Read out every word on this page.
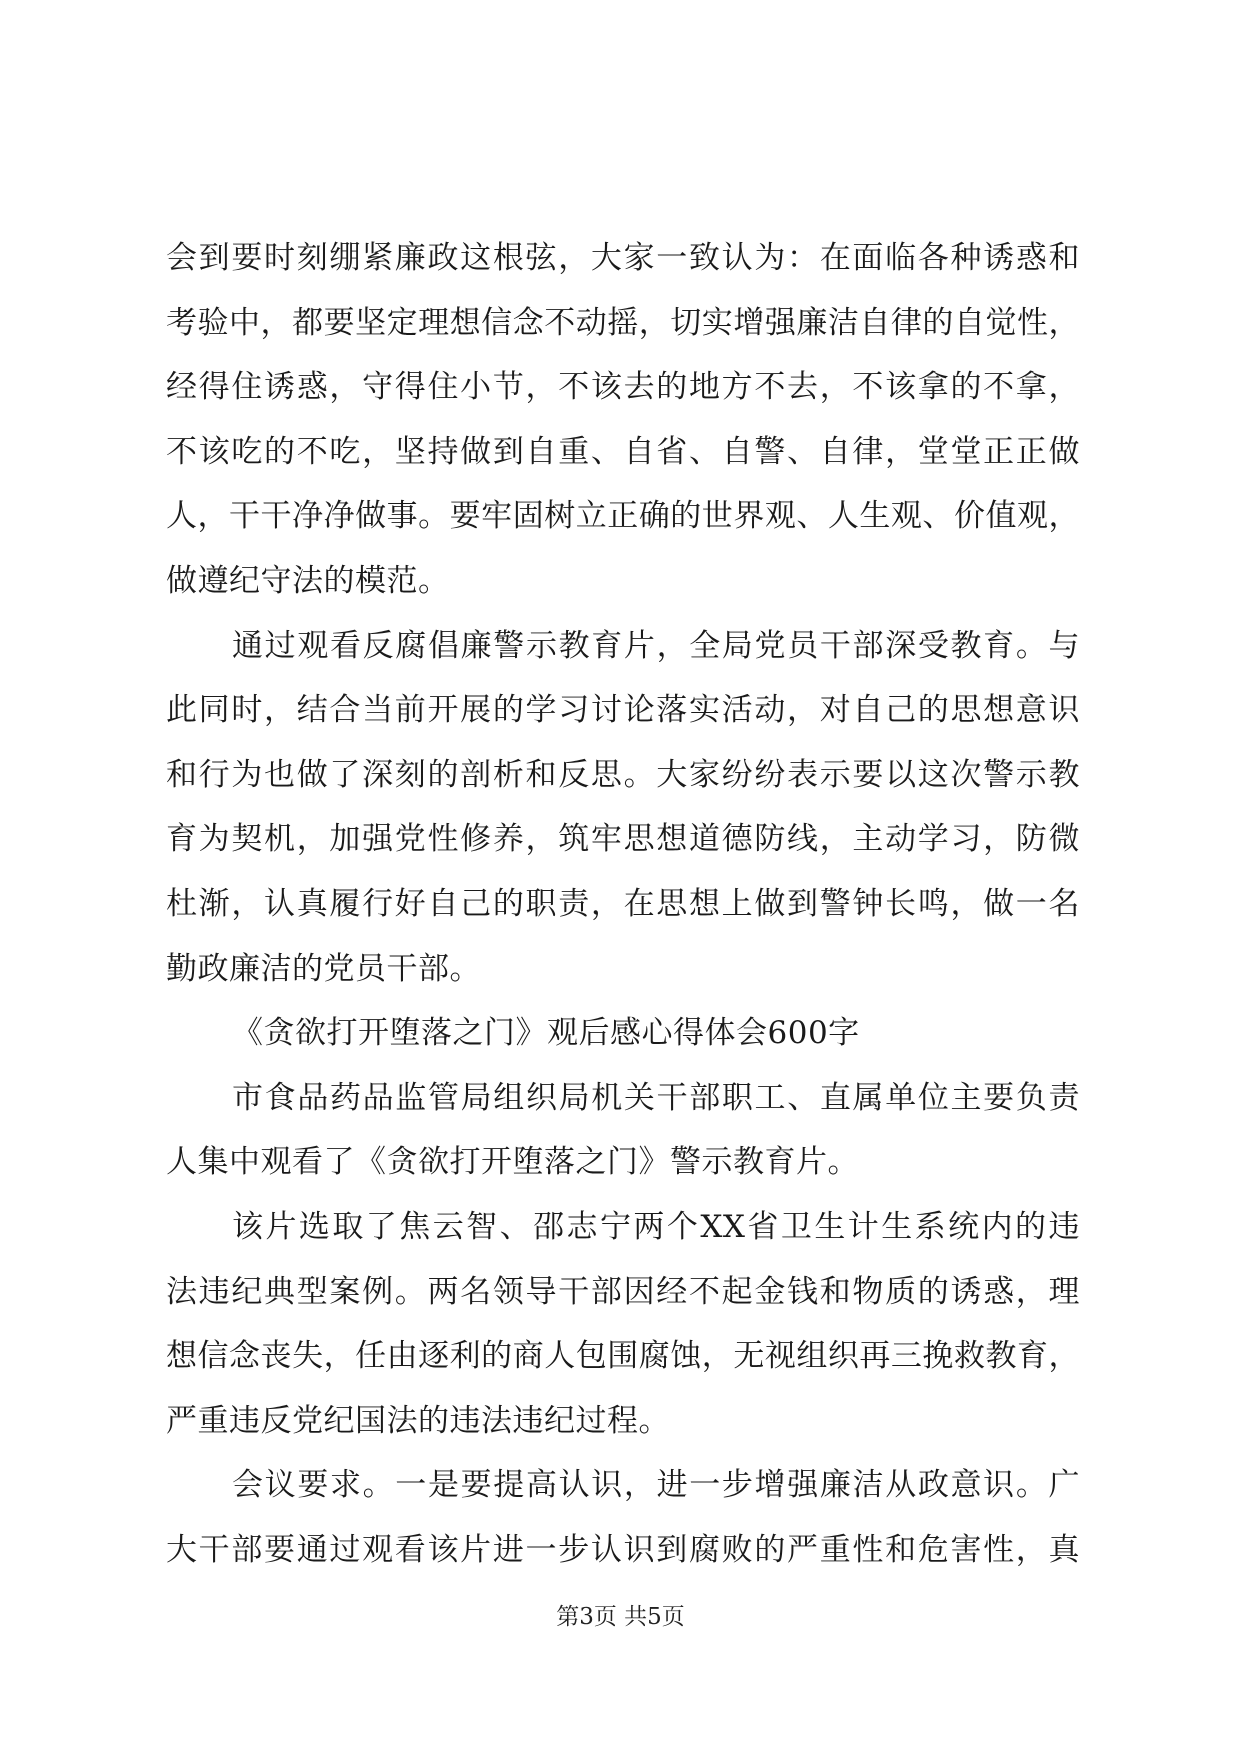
会到要时刻绷紧廉政这根弦，大家一致认为：在面临各种诱惑和
考验中，都要坚定理想信念不动摇，切实增强廉洁自律的自觉性，
经得住诱惑，守得住小节，不该去的地方不去，不该拿的不拿，
不该吃的不吃，坚持做到自重、自省、自警、自律，堂堂正正做
人，干干净净做事。要牢固树立正确的世界观、人生观、价值观，
做遵纪守法的模范。
通过观看反腐倡廉警示教育片，全局党员干部深受教育。与
此同时，结合当前开展的学习讨论落实活动，对自己的思想意识
和行为也做了深刻的剖析和反思。大家纷纷表示要以这次警示教
育为契机，加强党性修养，筑牢思想道德防线，主动学习，防微
杜渐，认真履行好自己的职责，在思想上做到警钟长鸣，做一名
勤政廉洁的党员干部。
《贪欲打开堕落之门》观后感心得体会600字
市食品药品监管局组织局机关干部职工、直属单位主要负责
人集中观看了《贪欲打开堕落之门》警示教育片。
该片选取了焦云智、邵志宁两个XX省卫生计生系统内的违
法违纪典型案例。两名领导干部因经不起金钱和物质的诱惑，理
想信念丧失，任由逐利的商人包围腐蚀，无视组织再三挽救教育，
严重违反党纪国法的违法违纪过程。
会议要求。一是要提高认识，进一步增强廉洁从政意识。广
大干部要通过观看该片进一步认识到腐败的严重性和危害性，真
第3页 共5页
